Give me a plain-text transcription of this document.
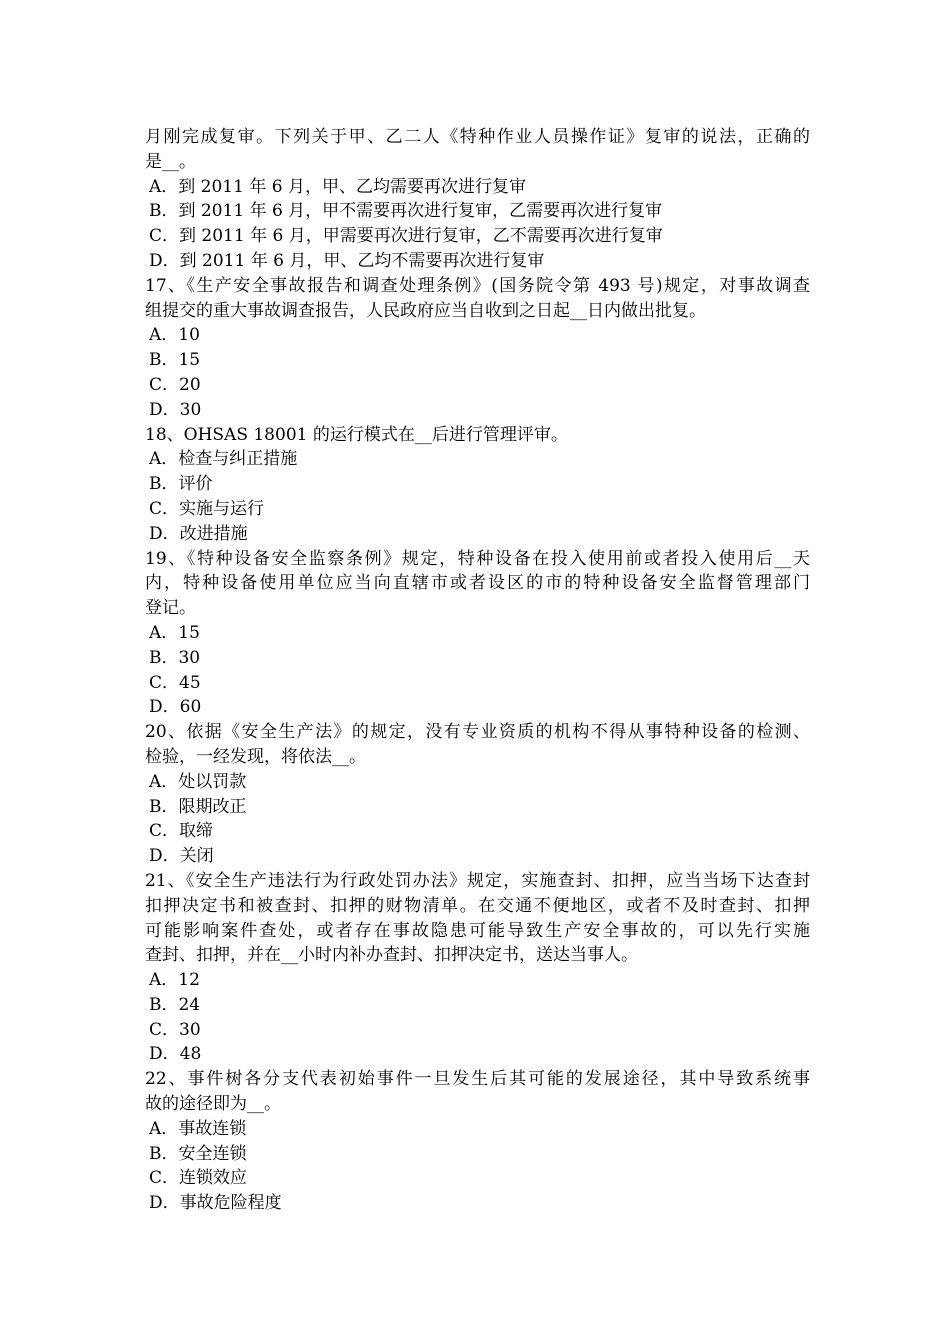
月刚完成复审。下列关于甲、乙二人《特种作业人员操作证》复审的说法，正确的
是__。
A．到 2011 年 6 月，甲、乙均需要再次进行复审
B．到 2011 年 6 月，甲不需要再次进行复审，乙需要再次进行复审
C．到 2011 年 6 月，甲需要再次进行复审，乙不需要再次进行复审
D．到 2011 年 6 月，甲、乙均不需要再次进行复审
17、《生产安全事故报告和调查处理条例》(国务院令第 493 号)规定，对事故调查
组提交的重大事故调查报告，人民政府应当自收到之日起__日内做出批复。
A．10
B．15
C．20
D．30
18、OHSAS 18001 的运行模式在__后进行管理评审。
A．检查与纠正措施
B．评价
C．实施与运行
D．改进措施
19、《特种设备安全监察条例》规定，特种设备在投入使用前或者投入使用后__天
内，特种设备使用单位应当向直辖市或者设区的市的特种设备安全监督管理部门
登记。
A．15
B．30
C．45
D．60
20、依据《安全生产法》的规定，没有专业资质的机构不得从事特种设备的检测、
检验，一经发现，将依法__。
A．处以罚款
B．限期改正
C．取缔
D．关闭
21、《安全生产违法行为行政处罚办法》规定，实施查封、扣押，应当当场下达查封
扣押决定书和被查封、扣押的财物清单。在交通不便地区，或者不及时查封、扣押
可能影响案件查处，或者存在事故隐患可能导致生产安全事故的，可以先行实施
查封、扣押，并在__小时内补办查封、扣押决定书，送达当事人。
A．12
B．24
C．30
D．48
22、事件树各分支代表初始事件一旦发生后其可能的发展途径，其中导致系统事
故的途径即为__。
A．事故连锁
B．安全连锁
C．连锁效应
D．事故危险程度
